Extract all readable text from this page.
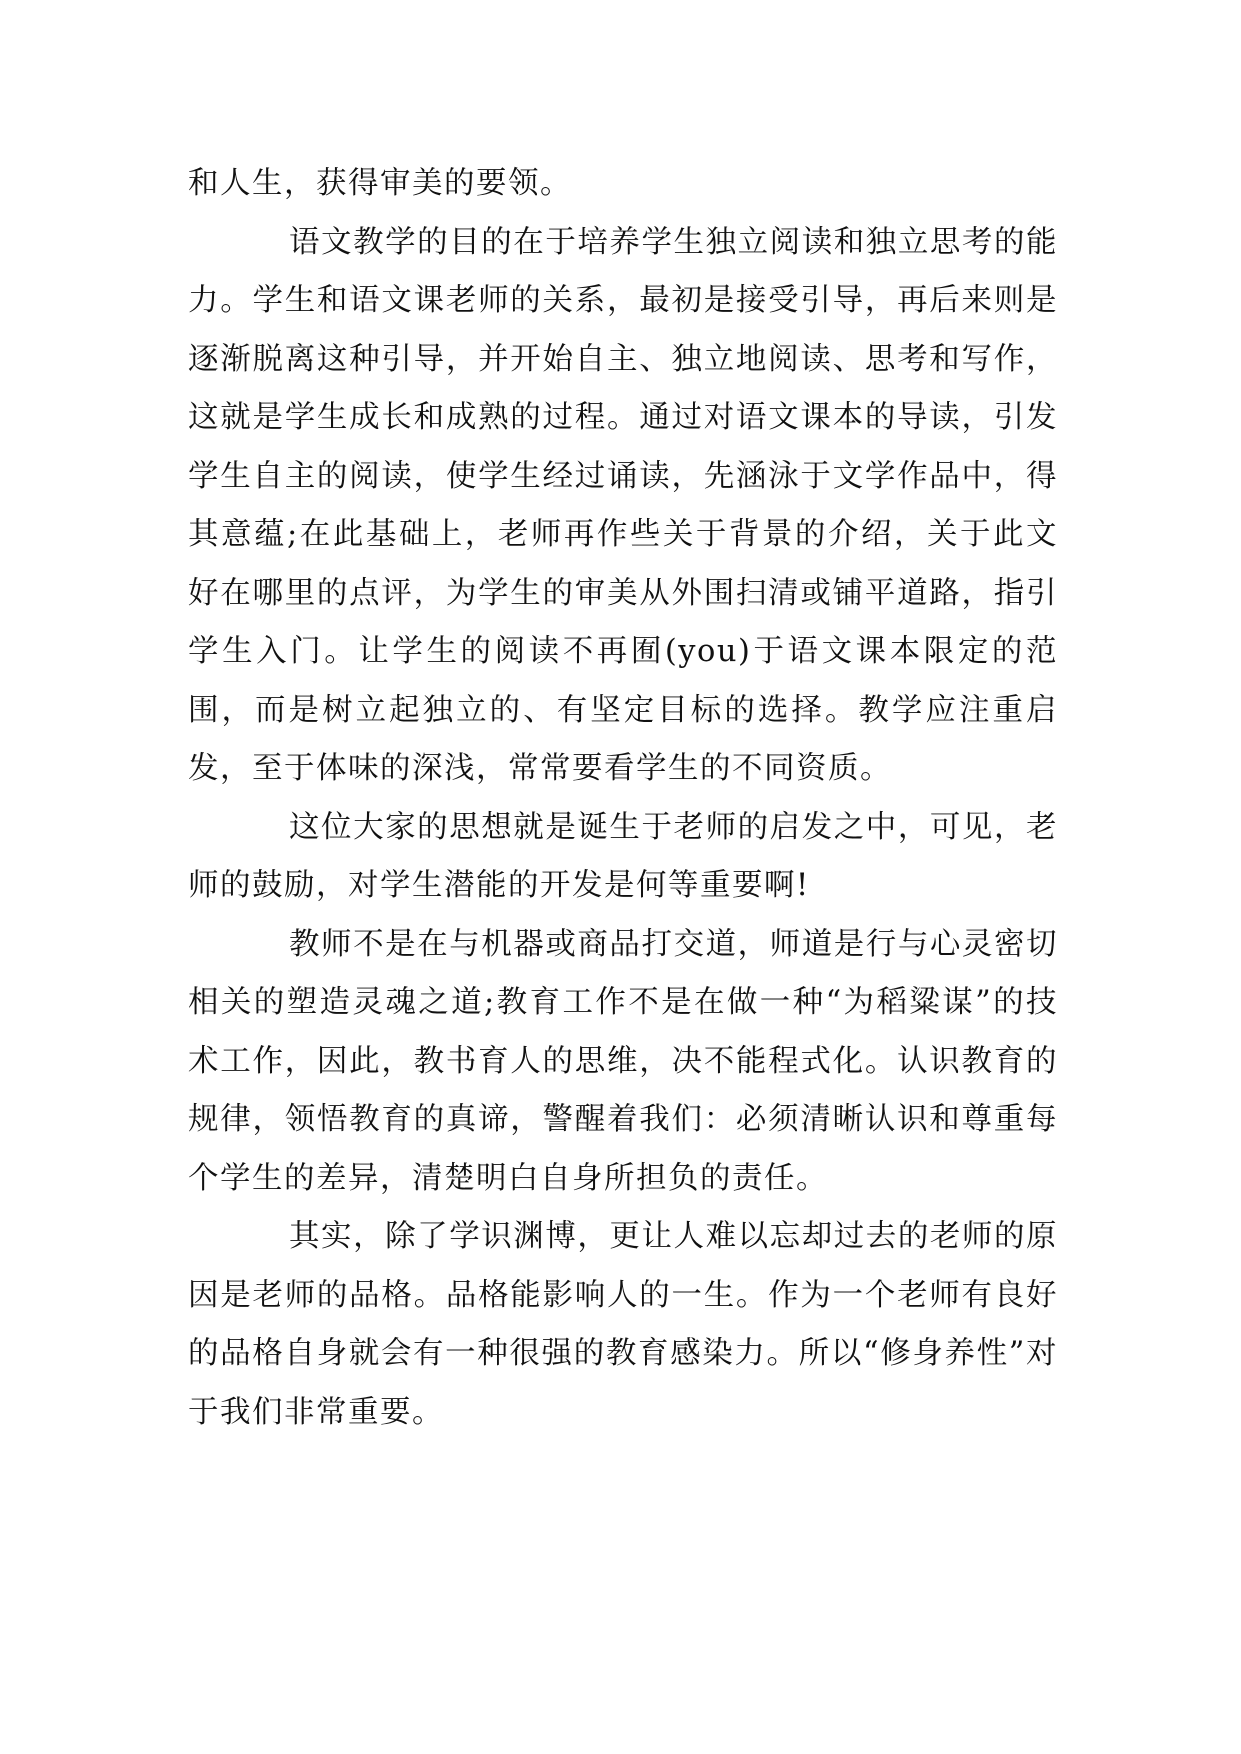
和人生，获得审美的要领。

语文教学的目的在于培养学生独立阅读和独立思考的能力。学生和语文课老师的关系，最初是接受引导，再后来则是逐渐脱离这种引导，并开始自主、独立地阅读、思考和写作，这就是学生成长和成熟的过程。通过对语文课本的导读，引发学生自主的阅读，使学生经过诵读，先涵泳于文学作品中，得其意蕴;在此基础上，老师再作些关于背景的介绍，关于此文好在哪里的点评，为学生的审美从外围扫清或铺平道路，指引学生入门。让学生的阅读不再囿(you)于语文课本限定的范围，而是树立起独立的、有坚定目标的选择。教学应注重启发，至于体味的深浅，常常要看学生的不同资质。

这位大家的思想就是诞生于老师的启发之中，可见，老师的鼓励，对学生潜能的开发是何等重要啊!

教师不是在与机器或商品打交道，师道是行与心灵密切相关的塑造灵魂之道;教育工作不是在做一种“为稻粱谋”的技术工作，因此，教书育人的思维，决不能程式化。认识教育的规律，领悟教育的真谛，警醒着我们：必须清晰认识和尊重每个学生的差异，清楚明白自身所担负的责任。

其实，除了学识渊博，更让人难以忘却过去的老师的原因是老师的品格。品格能影响人的一生。作为一个老师有良好的品格自身就会有一种很强的教育感染力。所以“修身养性”对于我们非常重要。
